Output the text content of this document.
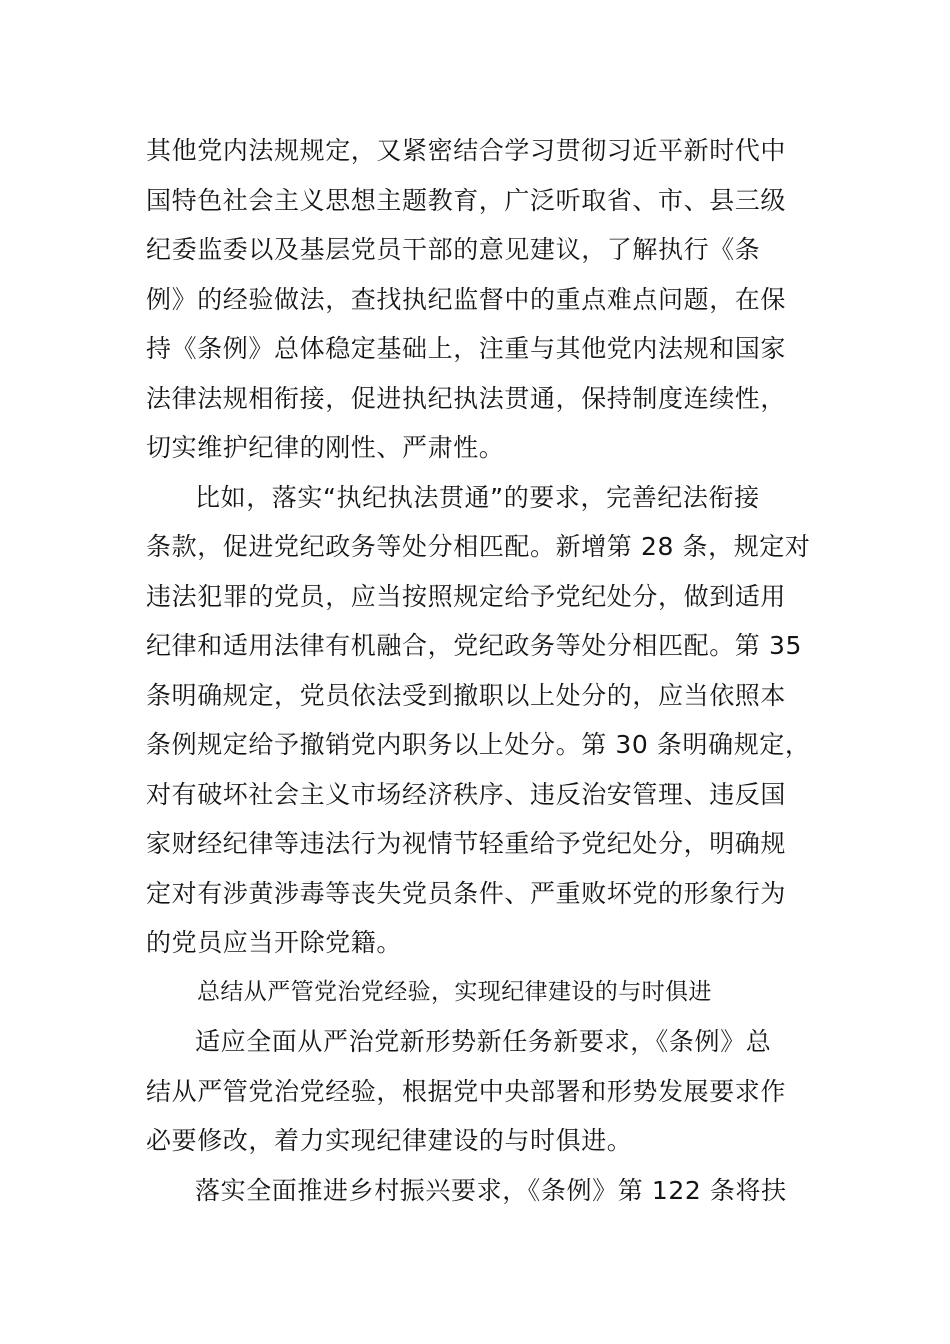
其他党内法规规定，又紧密结合学习贯彻习近平新时代中
国特色社会主义思想主题教育，广泛听取省、市、县三级
纪委监委以及基层党员干部的意见建议，了解执行《条
例》的经验做法，查找执纪监督中的重点难点问题，在保
持《条例》总体稳定基础上，注重与其他党内法规和国家
法律法规相衔接，促进执纪执法贯通，保持制度连续性，
切实维护纪律的刚性、严肃性。
比如，落实“执纪执法贯通”的要求，完善纪法衔接
条款，促进党纪政务等处分相匹配。新增第 28 条，规定对
违法犯罪的党员，应当按照规定给予党纪处分，做到适用
纪律和适用法律有机融合，党纪政务等处分相匹配。第 35
条明确规定，党员依法受到撤职以上处分的，应当依照本
条例规定给予撤销党内职务以上处分。第 30 条明确规定，
对有破坏社会主义市场经济秩序、违反治安管理、违反国
家财经纪律等违法行为视情节轻重给予党纪处分，明确规
定对有涉黄涉毒等丧失党员条件、严重败坏党的形象行为
的党员应当开除党籍。
总结从严管党治党经验，实现纪律建设的与时俱进
适应全面从严治党新形势新任务新要求，《条例》总
结从严管党治党经验，根据党中央部署和形势发展要求作
必要修改，着力实现纪律建设的与时俱进。
落实全面推进乡村振兴要求，《条例》第 122 条将扶
